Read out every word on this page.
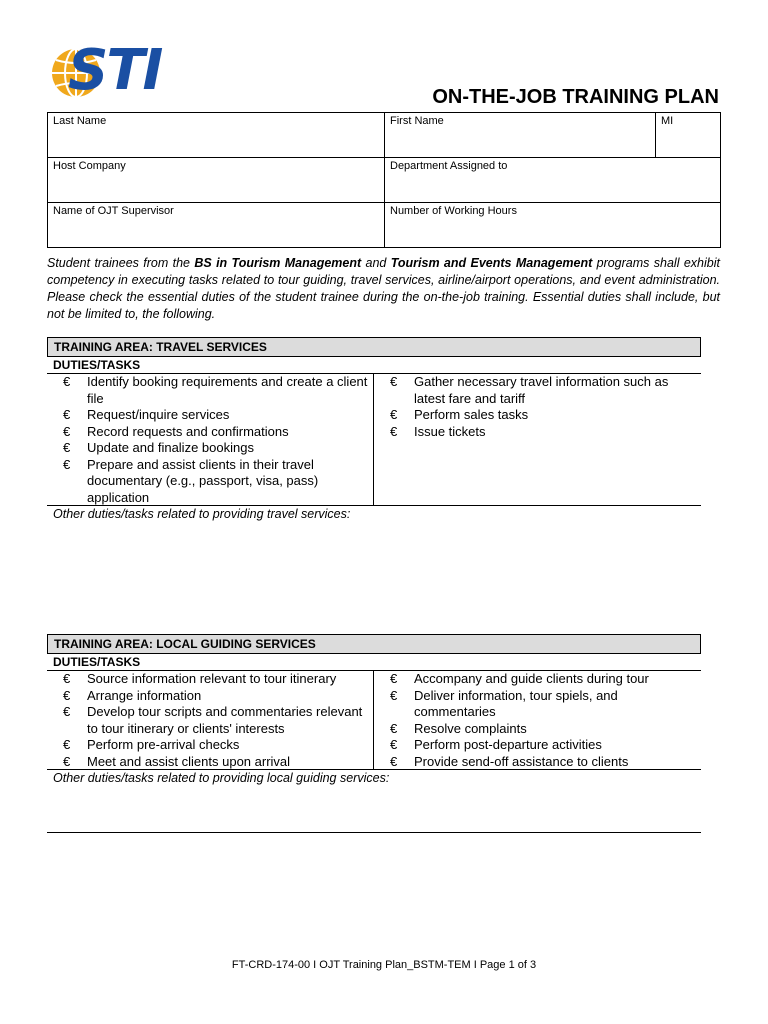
STI	ON-THE-JOB TRAINING PLAN
Last Name	First Name	MI
Host Company	Department Assigned to	
Name of OJT Supervisor	Number of Working Hours	
Student trainees from the BS in Tourism Management and Tourism and Events Management programs shall exhibit competency in executing tasks related to tour guiding, travel services, airline/airport operations, and event administration. Please check the essential duties of the student trainee during the on-the-job training. Essential duties shall include, but not be limited to, the following.
TRAINING AREA: TRAVEL SERVICES
DUTIES/TASKS
€	Identify booking requirements and create a client file
€	Request/inquire services
€	Record requests and confirmations
€	Update and finalize bookings
€	Prepare and assist clients in their travel documentary (e.g., passport, visa, pass) application
€	Gather necessary travel information such as latest fare and tariff
€	Perform sales tasks
€	Issue tickets
Other duties/tasks related to providing travel services:
TRAINING AREA: LOCAL GUIDING SERVICES
DUTIES/TASKS
€	Source information relevant to tour itinerary
€	Arrange information
€	Develop tour scripts and commentaries relevant to tour itinerary or clients' interests
€	Perform pre-arrival checks
€	Meet and assist clients upon arrival
€	Accompany and guide clients during tour
€	Deliver information, tour spiels, and commentaries
€	Resolve complaints
€	Perform post-departure activities
€	Provide send-off assistance to clients
Other duties/tasks related to providing local guiding services:
FT-CRD-174-00 I OJT Training Plan_BSTM-TEM I Page 1 of 3
